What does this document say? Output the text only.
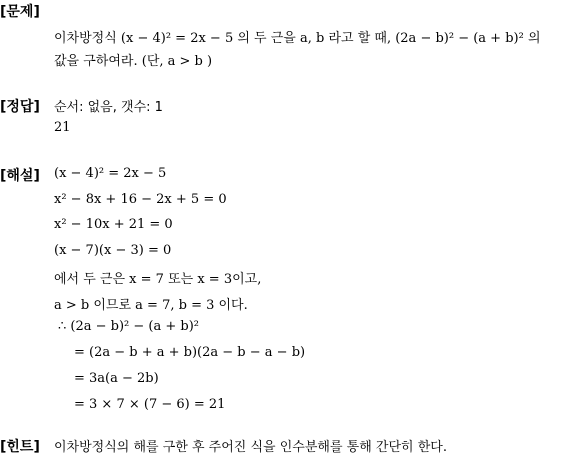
[문제]
이차방정식 (x − 4)² = 2x − 5 의 두 근을 a, b 라고 할 때, (2a − b)² − (a + b)² 의
값을 구하여라. (단, a > b )
[정답] 순서: 없음, 갯수: 1
21
[해설] (x − 4)² = 2x − 5
x² − 8x + 16 − 2x + 5 = 0
x² − 10x + 21 = 0
(x − 7)(x − 3) = 0
에서 두 근은 x = 7 또는 x = 3이고,
a > b 이므로 a = 7, b = 3 이다.
∴ (2a − b)² − (a + b)²
= (2a − b + a + b)(2a − b − a − b)
= 3a(a − 2b)
= 3 × 7 × (7 − 6) = 21
[힌트] 이차방정식의 해를 구한 후 주어진 식을 인수분해를 통해 간단히 한다.
